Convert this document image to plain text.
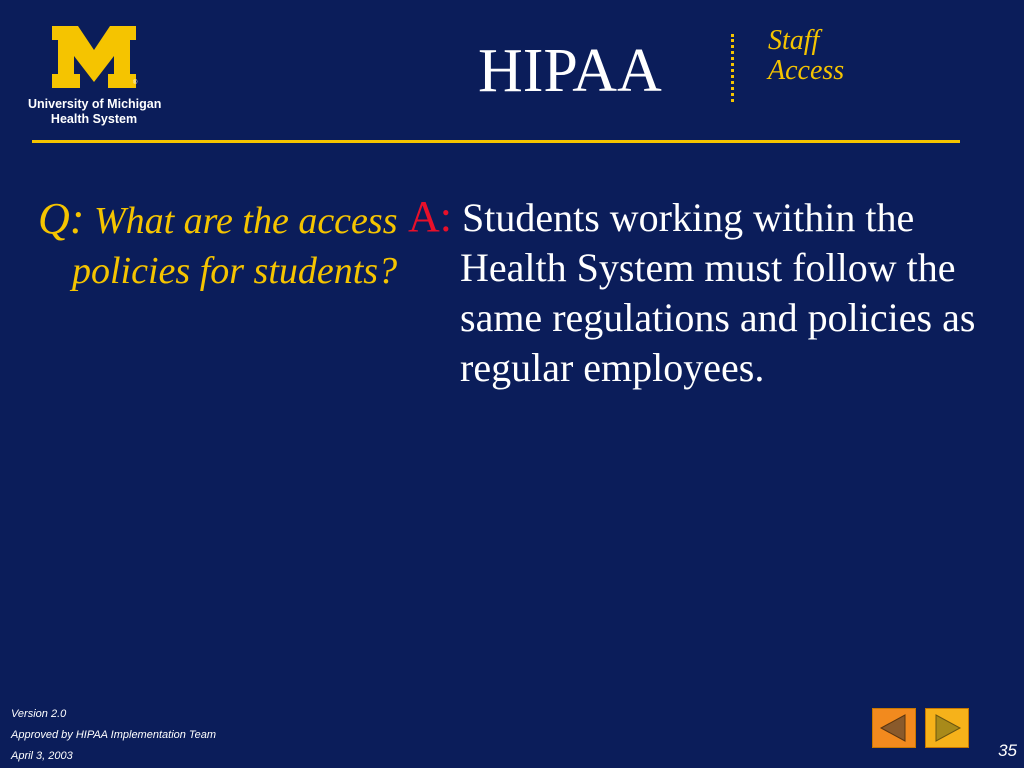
®
University of Michigan
Health System
HIPAA	Staff
Access
Q: What are the access policies for students?
A: Students working within the Health System must follow the same regulations and policies as regular employees.
Version 2.0
Approved by HIPAA Implementation Team
April 3, 2003	35
